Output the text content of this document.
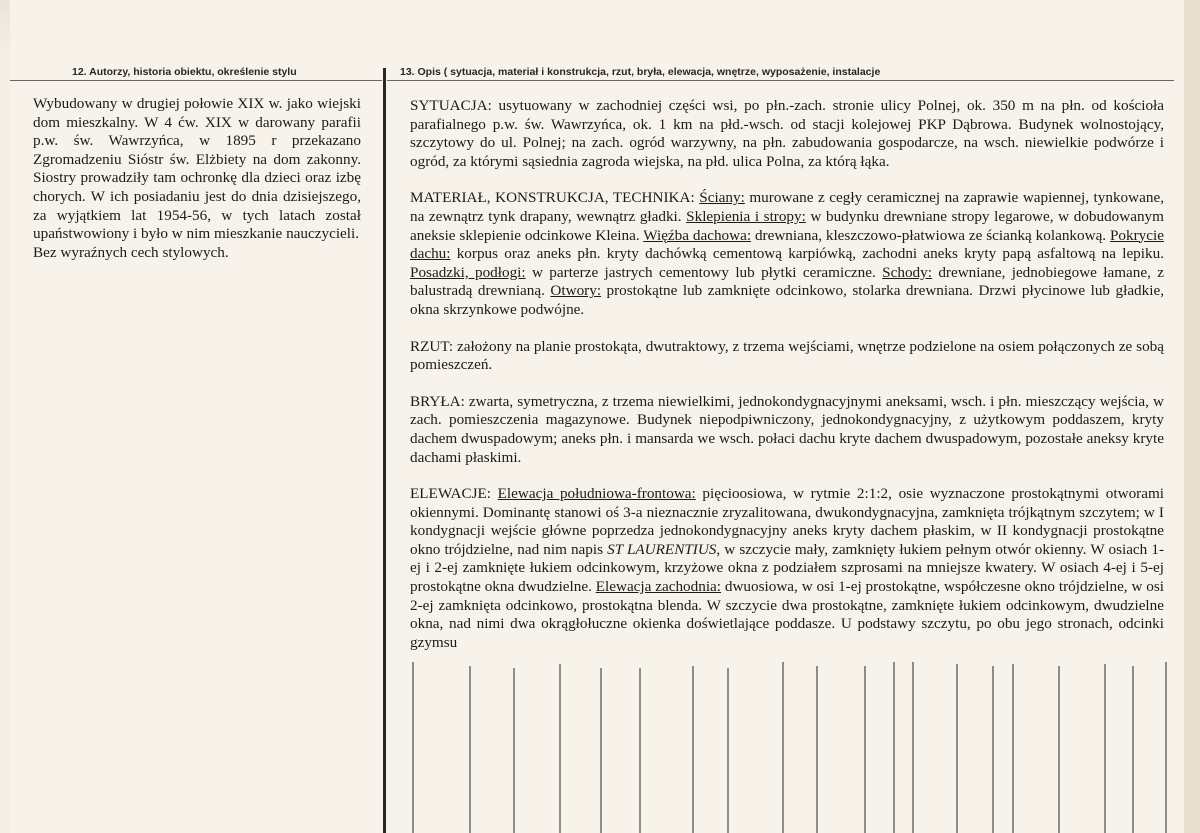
12. Autorzy, historia obiektu, określenie stylu	13. Opis ( sytuacja, materiał i konstrukcja, rzut, bryła, elewacja, wnętrze, wyposażenie, instalacje

Wybudowany w drugiej połowie XIX w. jako wiejski dom mieszkalny. W 4 ćw. XIX w darowany parafii p.w. św. Wawrzyńca, w 1895 r przekazano Zgromadzeniu Sióstr św. Elżbiety na dom zakonny. Siostry prowadziły tam ochronkę dla dzieci oraz izbę chorych. W ich posiadaniu jest do dnia dzisiejszego, za wyjątkiem lat 1954-56, w tych latach został upaństwowiony i było w nim mieszkanie nauczycieli.

Bez wyraźnych cech stylowych.

SYTUACJA: usytuowany w zachodniej części wsi, po płn.-zach. stronie ulicy Polnej, ok. 350 m na płn. od kościoła parafialnego p.w. św. Wawrzyńca, ok. 1 km na płd.-wsch. od stacji kolejowej PKP Dąbrowa. Budynek wolnostojący, szczytowy do ul. Polnej; na zach. ogród warzywny, na płn. zabudowania gospodarcze, na wsch. niewielkie podwórze i ogród, za którymi sąsiednia zagroda wiejska, na płd. ulica Polna, za którą łąka.

MATERIAŁ, KONSTRUKCJA, TECHNIKA: Ściany: murowane z cegły ceramicznej na zaprawie wapiennej, tynkowane, na zewnątrz tynk drapany, wewnątrz gładki. Sklepienia i stropy: w budynku drewniane stropy legarowe, w dobudowanym aneksie sklepienie odcinkowe Kleina. Więźba dachowa: drewniana, kleszczowo-płatwiowa ze ścianką kolankową. Pokrycie dachu: korpus oraz aneks płn. kryty dachówką cementową karpiówką, zachodni aneks kryty papą asfaltową na lepiku. Posadzki, podłogi: w parterze jastrych cementowy lub płytki ceramiczne. Schody: drewniane, jednobiegowe łamane, z balustradą drewnianą. Otwory: prostokątne lub zamknięte odcinkowo, stolarka drewniana. Drzwi płycinowe lub gładkie, okna skrzynkowe podwójne.

RZUT: założony na planie prostokąta, dwutraktowy, z trzema wejściami, wnętrze podzielone na osiem połączonych ze sobą pomieszczeń.

BRYŁA: zwarta, symetryczna, z trzema niewielkimi, jednokondygnacyjnymi aneksami, wsch. i płn. mieszczący wejścia, w zach. pomieszczenia magazynowe. Budynek niepodpiwniczony, jednokondygnacyjny, z użytkowym poddaszem, kryty dachem dwuspadowym; aneks płn. i mansarda we wsch. połaci dachu kryte dachem dwuspadowym, pozostałe aneksy kryte dachami płaskimi.

ELEWACJE: Elewacja południowa-frontowa: pięcioosiowa, w rytmie 2:1:2, osie wyznaczone prostokątnymi otworami okiennymi. Dominantę stanowi oś 3-a nieznacznie zryzalitowana, dwukondygnacyjna, zamknięta trójkątnym szczytem; w I kondygnacji wejście główne poprzedza jednokondygnacyjny aneks kryty dachem płaskim, w II kondygnacji prostokątne okno trójdzielne, nad nim napis ST LAURENTIUS, w szczycie mały, zamknięty łukiem pełnym otwór okienny. W osiach 1-ej i 2-ej zamknięte łukiem odcinkowym, krzyżowe okna z podziałem szprosami na mniejsze kwatery. W osiach 4-ej i 5-ej prostokątne okna dwudzielne. Elewacja zachodnia: dwuosiowa, w osi 1-ej prostokątne, współczesne okno trójdzielne, w osi 2-ej zamknięta odcinkowo, prostokątna blenda. W szczycie dwa prostokątne, zamknięte łukiem odcinkowym, dwudzielne okna, nad nimi dwa okrągłołuczne okienka doświetlające poddasze. U podstawy szczytu, po obu jego stronach, odcinki gzymsu
